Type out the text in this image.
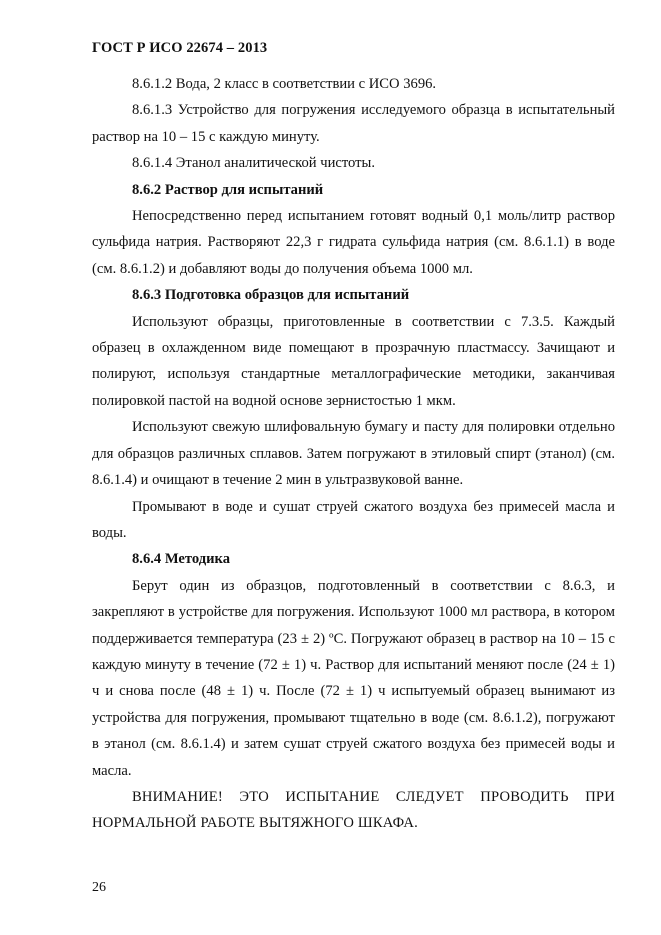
ГОСТ Р ИСО 22674 – 2013

8.6.1.2 Вода, 2 класс в соответствии с ИСО 3696.

8.6.1.3 Устройство для погружения исследуемого образца в испытательный раствор на 10 – 15 с каждую минуту.

8.6.1.4 Этанол аналитической чистоты.

8.6.2 Раствор для испытаний

Непосредственно перед испытанием готовят водный 0,1 моль/литр раствор сульфида натрия. Растворяют 22,3 г гидрата сульфида натрия (см. 8.6.1.1) в воде (см. 8.6.1.2) и добавляют воды до получения объема 1000 мл.

8.6.3 Подготовка образцов для испытаний

Используют образцы, приготовленные в соответствии с 7.3.5. Каждый образец в охлажденном виде помещают в прозрачную пластмассу. Зачищают и полируют, используя стандартные металлографические методики, заканчивая полировкой пастой на водной основе зернистостью 1 мкм.

Используют свежую шлифовальную бумагу и пасту для полировки отдельно для образцов различных сплавов. Затем погружают в этиловый спирт (этанол) (см. 8.6.1.4) и очищают в течение 2 мин в ультразвуковой ванне.

Промывают в воде и сушат струей сжатого воздуха без примесей масла и воды.

8.6.4 Методика

Берут один из образцов, подготовленный в соответствии с 8.6.3, и закрепляют в устройстве для погружения. Используют 1000 мл раствора, в котором поддерживается температура (23 ± 2) ºС. Погружают образец в раствор на 10 – 15 с каждую минуту в течение (72 ± 1) ч. Раствор для испытаний меняют после (24 ± 1) ч и снова после (48 ± 1) ч. После (72 ± 1) ч испытуемый образец вынимают из устройства для погружения, промывают тщательно в воде (см. 8.6.1.2), погружают в этанол (см. 8.6.1.4) и затем сушат струей сжатого воздуха без примесей воды и масла.

ВНИМАНИЕ! ЭТО ИСПЫТАНИЕ СЛЕДУЕТ ПРОВОДИТЬ ПРИ НОРМАЛЬНОЙ РАБОТЕ ВЫТЯЖНОГО ШКАФА.

26
